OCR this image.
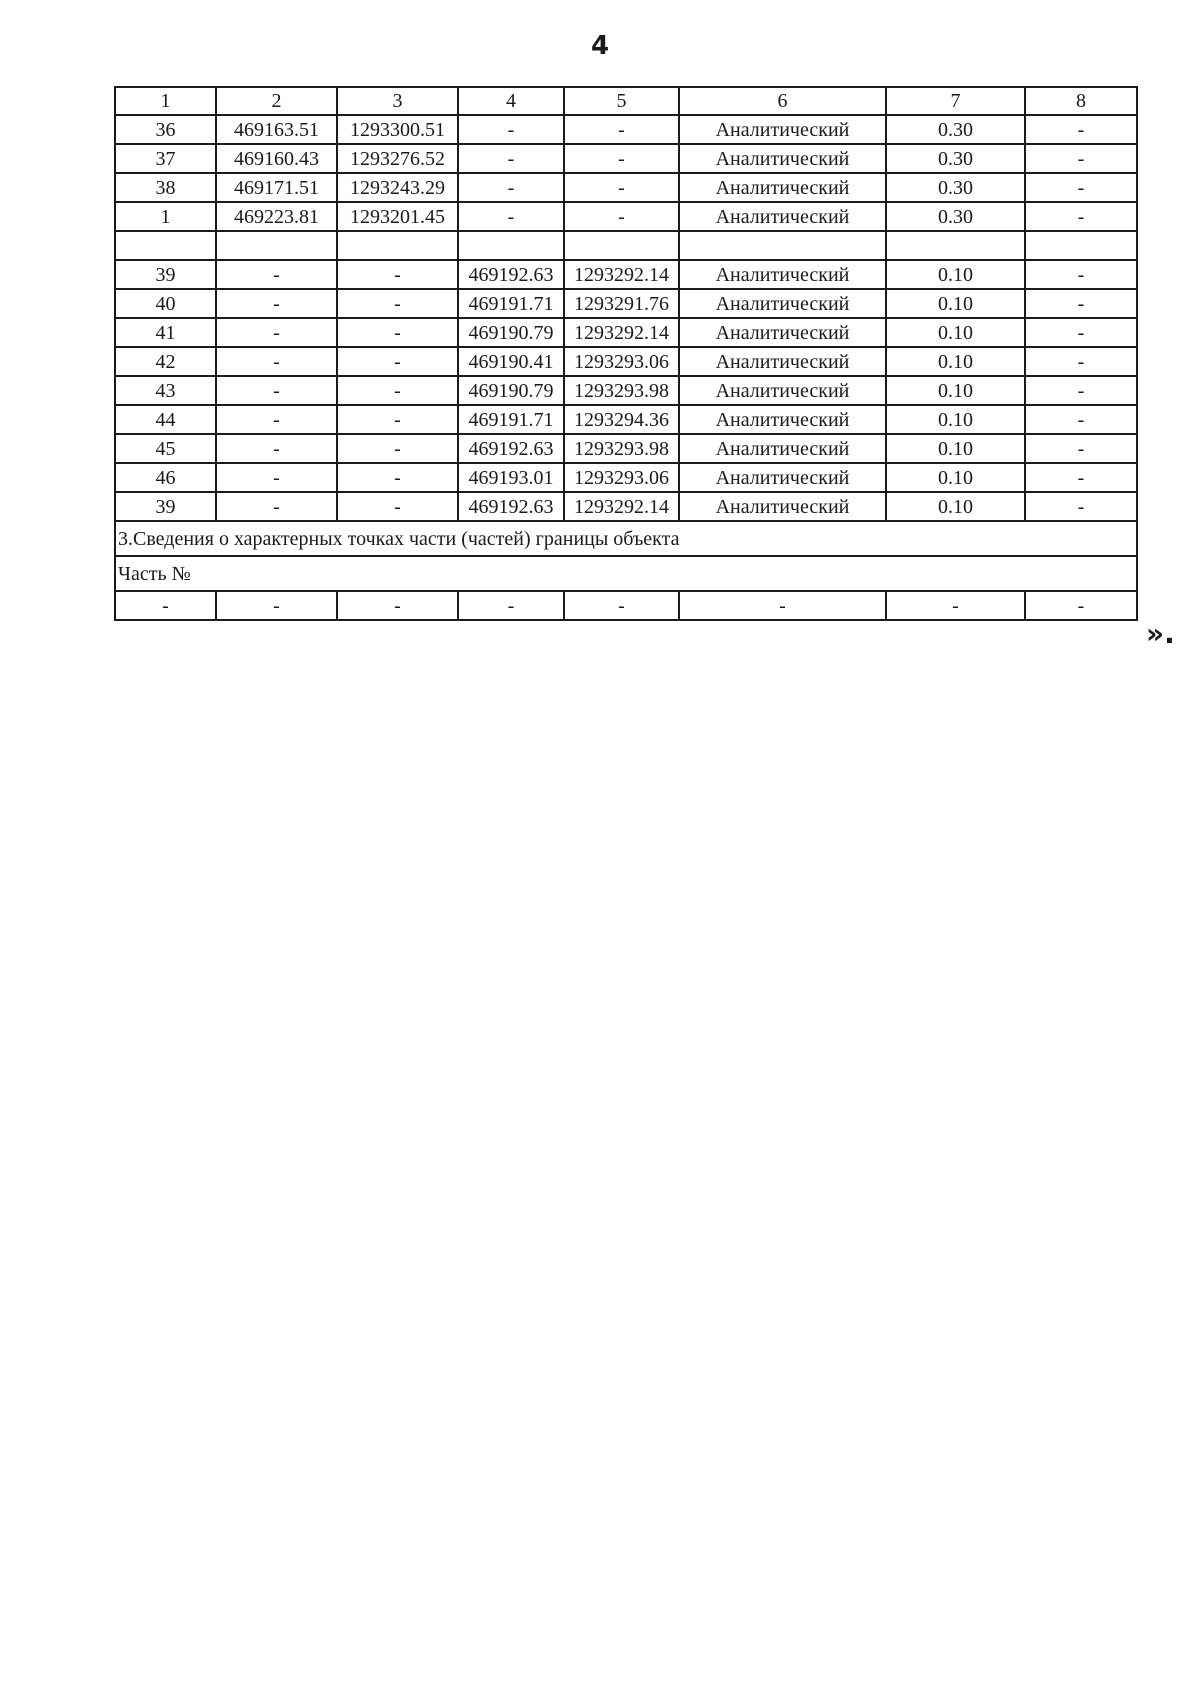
4
1	2	3	4	5	6	7	8
36	469163.51	1293300.51	-	-	Аналитический	0.30	-
37	469160.43	1293276.52	-	-	Аналитический	0.30	-
38	469171.51	1293243.29	-	-	Аналитический	0.30	-
1	469223.81	1293201.45	-	-	Аналитический	0.30	-

39	-	-	469192.63	1293292.14	Аналитический	0.10	-
40	-	-	469191.71	1293291.76	Аналитический	0.10	-
41	-	-	469190.79	1293292.14	Аналитический	0.10	-
42	-	-	469190.41	1293293.06	Аналитический	0.10	-
43	-	-	469190.79	1293293.98	Аналитический	0.10	-
44	-	-	469191.71	1293294.36	Аналитический	0.10	-
45	-	-	469192.63	1293293.98	Аналитический	0.10	-
46	-	-	469193.01	1293293.06	Аналитический	0.10	-
39	-	-	469192.63	1293292.14	Аналитический	0.10	-
3.Сведения о характерных точках части (частей) границы объекта							
Часть №							
-	-	-	-	-	-	-	-
».
